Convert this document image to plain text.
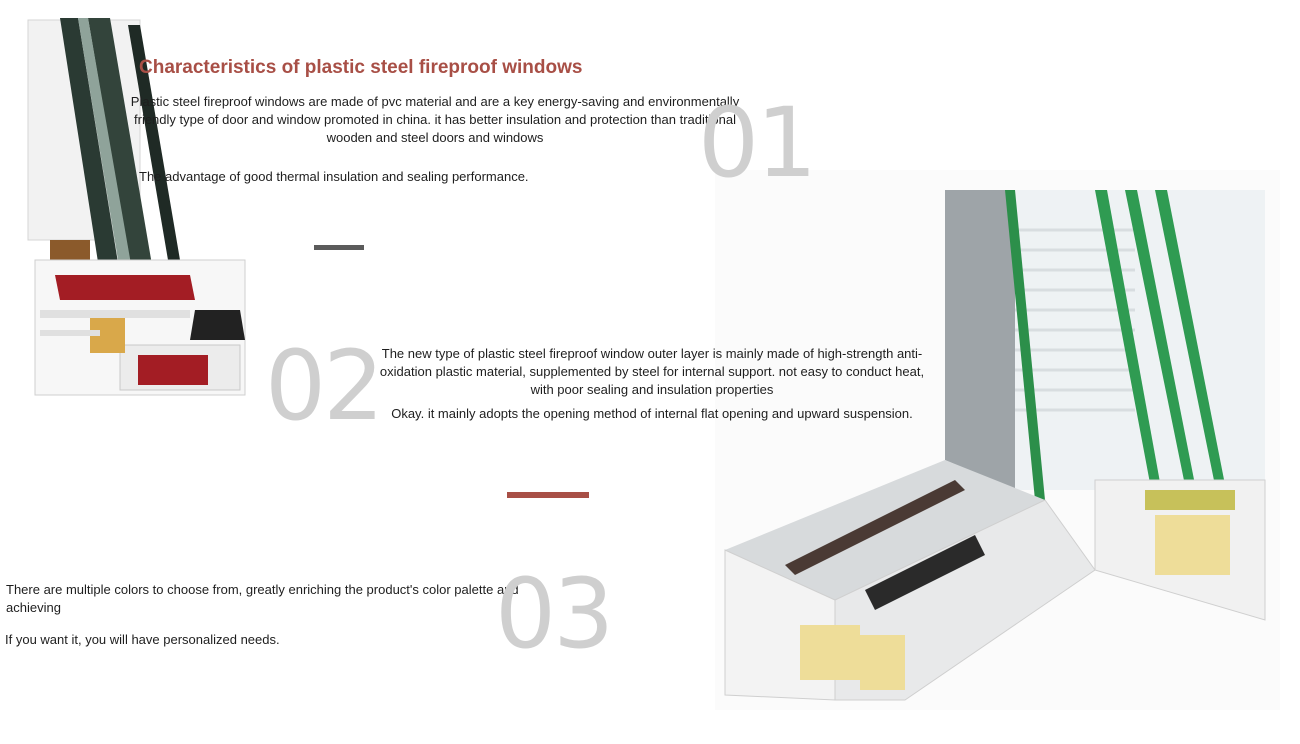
Characteristics of plastic steel fireproof windows
Plastic steel fireproof windows are made of pvc material and are a key energy-saving and environmentally friendly type of door and window promoted in china. it has better insulation and protection than traditional wooden and steel doors and windows
The advantage of good thermal insulation and sealing performance. 01
02 The new type of plastic steel fireproof window outer layer is mainly made of high-strength anti-oxidation plastic material, supplemented by steel for internal support. not easy to conduct heat, with poor sealing and insulation properties
Okay. it mainly adopts the opening method of internal flat opening and upward suspension.
There are multiple colors to choose from, greatly enriching the product's color palette and achieving
If you want it, you will have personalized needs. 03
